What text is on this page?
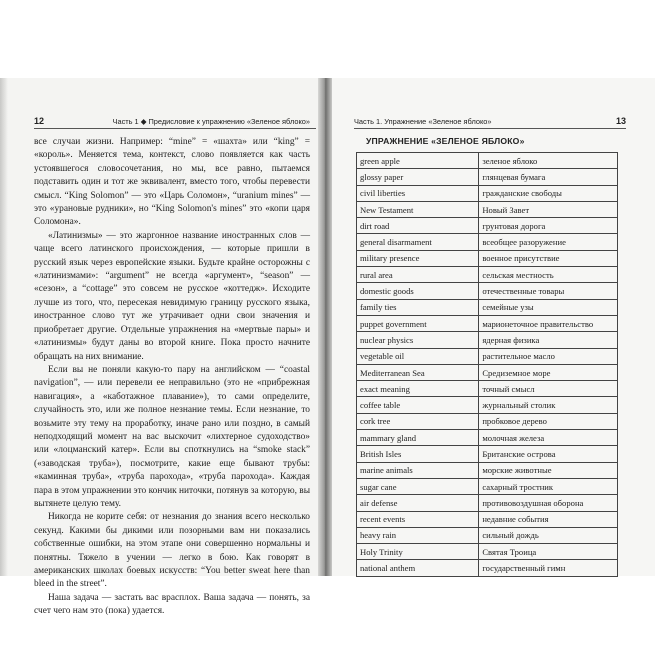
12	Часть 1 ◆ Предисловие к упражнению «Зеленое яблоко»

все случаи жизни. Например: “mine” = «шахта» или “king” = «король». Меняется тема, контекст, слово появляется как часть устоявшегося словосочетания, но мы, все равно, пытаемся подставить один и тот же эквивалент, вместо того, чтобы перевести смысл. “King Solomon” — это «Царь Соломон», “uranium mines” — это «урановые рудники», но “King Solomon's mines” это «копи царя Соломона».

«Латинизмы» — это жаргонное название иностранных слов — чаще всего латинского происхождения, — которые пришли в русский язык через европейские языки. Будьте крайне осторожны с «латинизмами»: “argument” не всегда «аргумент», “season” — «сезон», а “cottage” это совсем не русское «коттедж». Исходите лучше из того, что, пересекая невидимую границу русского языка, иностранное слово тут же утрачивает одни свои значения и приобретает другие. Отдельные упражнения на «мертвые пары» и «латинизмы» будут даны во второй книге. Пока просто начните обращать на них внимание.

Если вы не поняли какую-то пару на английском — “coastal navigation”, — или перевели ее неправильно (это не «прибрежная навигация», а «каботажное плавание»), то сами определите, случайность это, или же полное незнание темы. Если незнание, то возьмите эту тему на проработку, иначе рано или поздно, в самый неподходящий момент на вас выскочит «лихтерное судоходство» или «лоцманский катер». Если вы споткнулись на “smoke stack” («заводская труба»), посмотрите, какие еще бывают трубы: «каминная труба», «труба парохода», «труба парохода». Каждая пара в этом упражнении это кончик ниточки, потянув за которую, вы вытянете целую тему.

Никогда не корите себя: от незнания до знания всего несколько секунд. Какими бы дикими или позорными вам ни показались собственные ошибки, на этом этапе они совершенно нормальны и понятны. Тяжело в учении — легко в бою. Как говорят в американских школах боевых искусств: “You better sweat here than bleed in the street”.

Наша задача — застать вас врасплох. Ваша задача — понять, за счет чего нам это (пока) удается.

Часть 1. Упражнение «Зеленое яблоко»	13
УПРАЖНЕНИЕ «ЗЕЛЕНОЕ ЯБЛОКО»
green apple	зеленое яблоко
glossy paper	глянцевая бумага
civil liberties	гражданские свободы
New Testament	Новый Завет
dirt road	грунтовая дорога
general disarmament	всеобщее разоружение
military presence	военное присутствие
rural area	сельская местность
domestic goods	отечественные товары
family ties	семейные узы
puppet government	марионеточное правительство
nuclear physics	ядерная физика
vegetable oil	растительное масло
Mediterranean Sea	Средиземное море
exact meaning	точный смысл
coffee table	журнальный столик
cork tree	пробковое дерево
mammary gland	молочная железа
British Isles	Британские острова
marine animals	морские животные
sugar cane	сахарный тростник
air defense	противовоздушная оборона
recent events	недавние события
heavy rain	сильный дождь
Holy Trinity	Святая Троица
national anthem	государственный гимн
